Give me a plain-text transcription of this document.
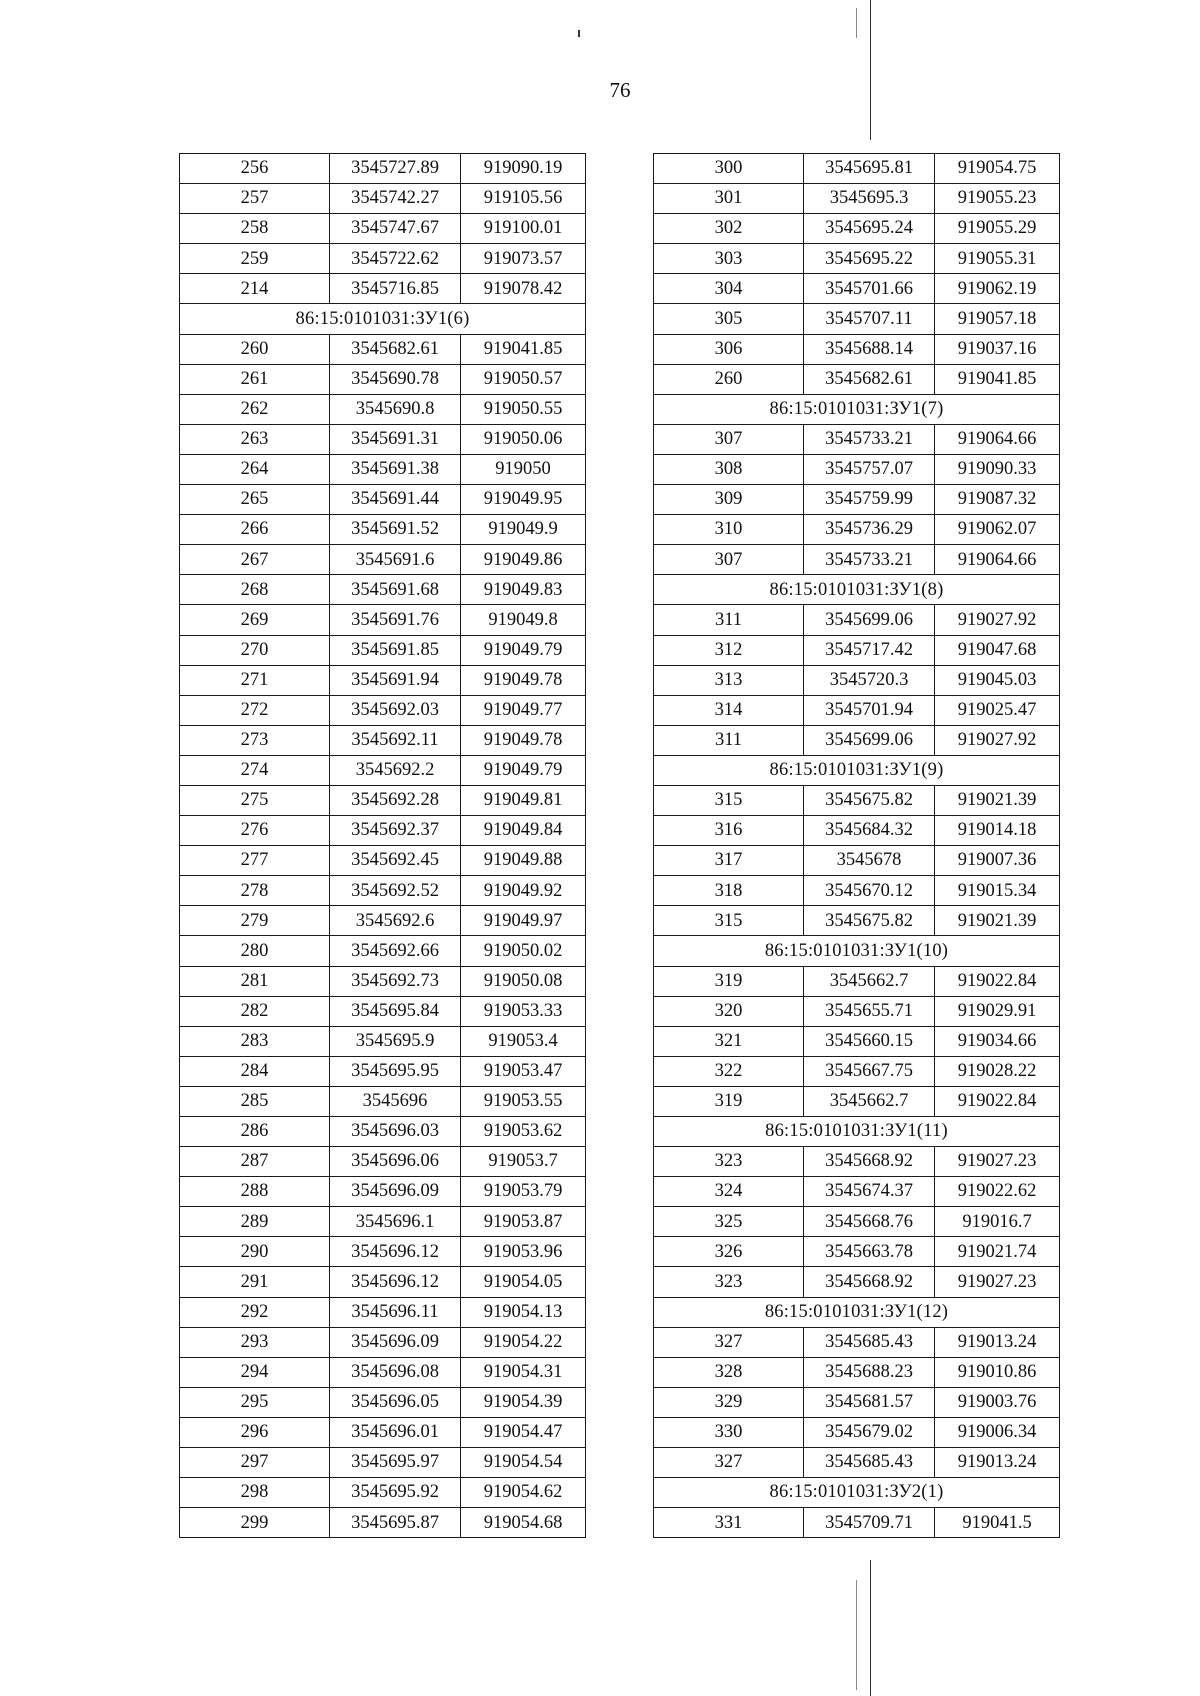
76
256	3545727.89	919090.19
257	3545742.27	919105.56
258	3545747.67	919100.01
259	3545722.62	919073.57
214	3545716.85	919078.42
86:15:0101031:ЗУ1(6)		
260	3545682.61	919041.85
261	3545690.78	919050.57
262	3545690.8	919050.55
263	3545691.31	919050.06
264	3545691.38	919050
265	3545691.44	919049.95
266	3545691.52	919049.9
267	3545691.6	919049.86
268	3545691.68	919049.83
269	3545691.76	919049.8
270	3545691.85	919049.79
271	3545691.94	919049.78
272	3545692.03	919049.77
273	3545692.11	919049.78
274	3545692.2	919049.79
275	3545692.28	919049.81
276	3545692.37	919049.84
277	3545692.45	919049.88
278	3545692.52	919049.92
279	3545692.6	919049.97
280	3545692.66	919050.02
281	3545692.73	919050.08
282	3545695.84	919053.33
283	3545695.9	919053.4
284	3545695.95	919053.47
285	3545696	919053.55
286	3545696.03	919053.62
287	3545696.06	919053.7
288	3545696.09	919053.79
289	3545696.1	919053.87
290	3545696.12	919053.96
291	3545696.12	919054.05
292	3545696.11	919054.13
293	3545696.09	919054.22
294	3545696.08	919054.31
295	3545696.05	919054.39
296	3545696.01	919054.47
297	3545695.97	919054.54
298	3545695.92	919054.62
299	3545695.87	919054.68
300	3545695.81	919054.75
301	3545695.3	919055.23
302	3545695.24	919055.29
303	3545695.22	919055.31
304	3545701.66	919062.19
305	3545707.11	919057.18
306	3545688.14	919037.16
260	3545682.61	919041.85
86:15:0101031:ЗУ1(7)		
307	3545733.21	919064.66
308	3545757.07	919090.33
309	3545759.99	919087.32
310	3545736.29	919062.07
307	3545733.21	919064.66
86:15:0101031:ЗУ1(8)		
311	3545699.06	919027.92
312	3545717.42	919047.68
313	3545720.3	919045.03
314	3545701.94	919025.47
311	3545699.06	919027.92
86:15:0101031:ЗУ1(9)		
315	3545675.82	919021.39
316	3545684.32	919014.18
317	3545678	919007.36
318	3545670.12	919015.34
315	3545675.82	919021.39
86:15:0101031:ЗУ1(10)		
319	3545662.7	919022.84
320	3545655.71	919029.91
321	3545660.15	919034.66
322	3545667.75	919028.22
319	3545662.7	919022.84
86:15:0101031:ЗУ1(11)		
323	3545668.92	919027.23
324	3545674.37	919022.62
325	3545668.76	919016.7
326	3545663.78	919021.74
323	3545668.92	919027.23
86:15:0101031:ЗУ1(12)		
327	3545685.43	919013.24
328	3545688.23	919010.86
329	3545681.57	919003.76
330	3545679.02	919006.34
327	3545685.43	919013.24
86:15:0101031:ЗУ2(1)		
331	3545709.71	919041.5
